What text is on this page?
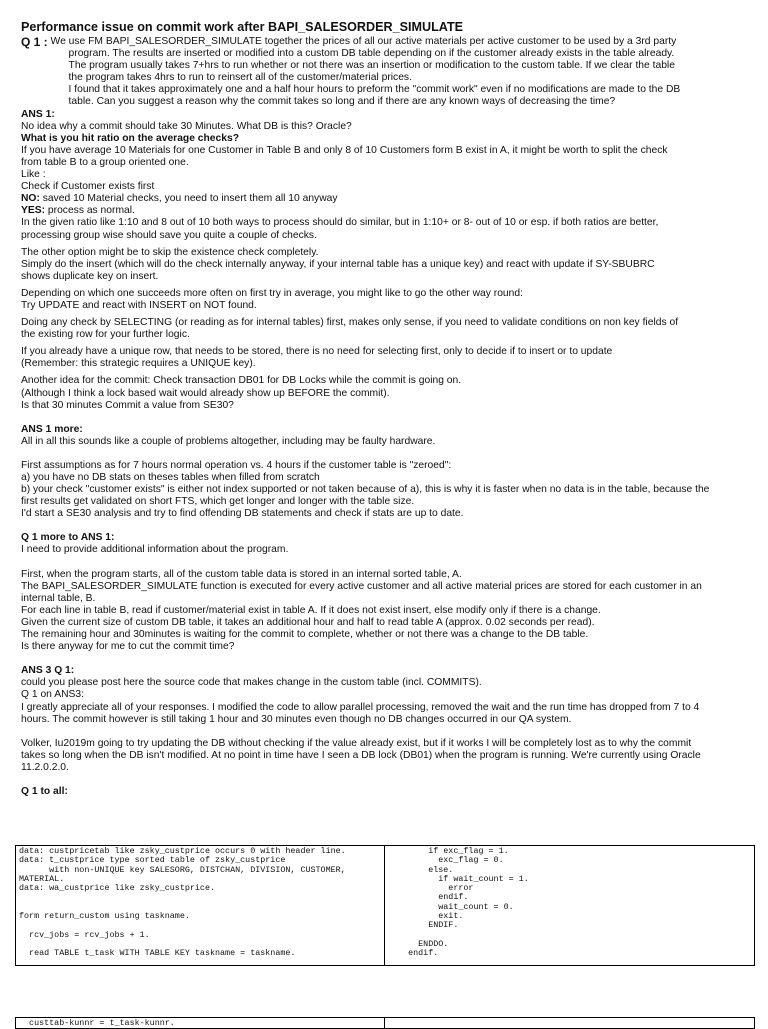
Performance issue on commit work after BAPI_SALESORDER_SIMULATE

Q 1 :
We use FM BAPI_SALESORDER_SIMULATE together the prices of all our active materials per active customer to be used by a 3rd party

program. The results are inserted or modified into a custom DB table depending on if the customer already exists in the table already.

The program usually takes 7+hrs to run whether or not there was an insertion or modification to the custom table. If we clear the table

the program takes 4hrs to run to reinsert all of the customer/material prices.

I found that it takes approximately one and a half hour hours to preform the "commit work" even if no modifications are made to the DB

table. Can you suggest a reason why the commit takes so long and if there are any known ways of decreasing the time?

ANS 1:

No idea why a commit should take 30 Minutes. What DB is this? Oracle?

What is you hit ratio on the average checks?

If you have average 10 Materials for one Customer in Table B and only 8 of 10 Customers form B exist in A, it might be worth to split the check

from table B to a group oriented one.

Like :

Check if Customer exists first

NO: saved 10 Material checks, you need to insert them all 10 anyway

YES: process as normal.

In the given ratio like 1:10 and 8 out of 10 both ways to process should do similar, but in 1:10+ or 8- out of 10 or esp. if both ratios are better,

processing group wise should save you quite a couple of checks.

The other option might be to skip the existence check completely.

Simply do the insert (which will do the check internally anyway, if your internal table has a unique key) and react with update if SY-SBUBRC

shows duplicate key on insert.

Depending on which one succeeds more often on first try in average, you might like to go the other way round:

Try UPDATE and react with INSERT on NOT found.

Doing any check by SELECTING (or reading as for internal tables) first, makes only sense, if you need to validate conditions on non key fields of

the existing row for your further logic.

If you already have a unique row, that needs to be stored, there is no need for selecting first, only to decide if to insert or to update

(Remember: this strategic requires a UNIQUE key).

Another idea for the commit: Check transaction DB01 for DB Locks while the commit is going on.

(Although I think a lock based wait would already show up BEFORE the commit).

Is that 30 minutes Commit a value from SE30?

ANS 1 more:

All in all this sounds like a couple of problems altogether, including may be faulty hardware.

First assumptions as for 7 hours normal operation vs. 4 hours if the customer table is "zeroed":

a) you have no DB stats on theses tables when filled from scratch

b) your check "customer exists" is either not index supported or not taken because of a), this is why it is faster when no data is in the table, because the

first results get validated on short FTS, which get longer and longer with the table size.

I'd start a SE30 analysis and try to find offending DB statements and check if stats are up to date.

Q 1 more to ANS 1:

I need to provide additional information about the program.

First, when the program starts, all of the custom table data is stored in an internal sorted table, A.

The BAPI_SALESORDER_SIMULATE function is executed for every active customer and all active material prices are stored for each customer in an

internal table, B.

For each line in table B, read if customer/material exist in table A. If it does not exist insert, else modify only if there is a change.

Given the current size of custom DB table, it takes an additional hour and half to read table A (approx. 0.02 seconds per read).

The remaining hour and 30minutes is waiting for the commit to complete, whether or not there was a change to the DB table.

Is there anyway for me to cut the commit time?

ANS 3 Q 1:

could you please post here the source code that makes change in the custom table (incl. COMMITS).

Q 1 on ANS3:

I greatly appreciate all of your responses. I modified the code to allow parallel processing, removed the wait and the run time has dropped from 7 to 4

hours. The commit however is still taking 1 hour and 30 minutes even though no DB changes occurred in our QA system.

Volker, Iu2019m going to try updating the DB without checking if the value already exist, but if it works I will be completely lost as to why the commit

takes so long when the DB isn't modified. At no point in time have I seen a DB lock (DB01) when the program is running. We're currently using Oracle

11.2.0.2.0.

Q 1 to all:

data: custpricetab like zsky_custprice occurs 0 with header line.
data: t_custprice type sorted table of zsky_custprice
with non-UNIQUE key SALESORG, DISTCHAN, DIVISION, CUSTOMER,
MATERIAL.
data: wa_custprice like zsky_custprice.

form return_custom using taskname.

rcv_jobs = rcv_jobs + 1.

read TABLE t_task WITH TABLE KEY taskname = taskname.
if exc_flag = 1.
exc_flag = 0.
else.
if wait_count = 1.
error
endif.
wait_count = 0.
exit.
ENDIF.

ENDDO.
endif.
custtab-kunnr = t_task-kunnr.
